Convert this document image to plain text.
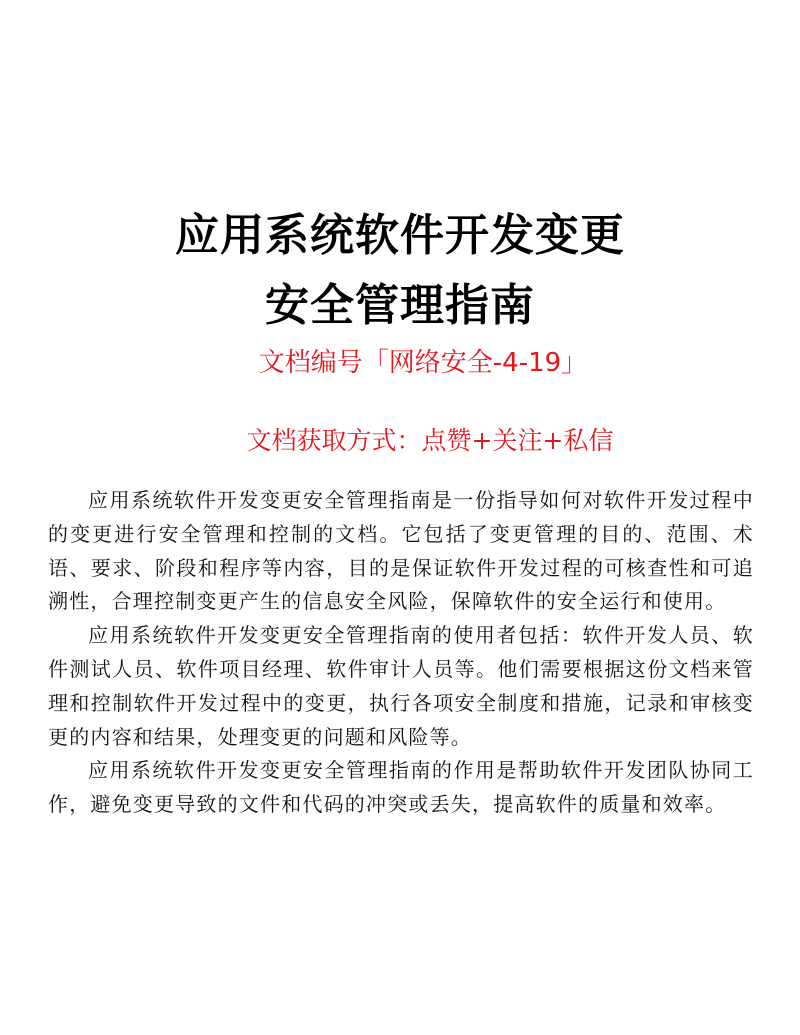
应用系统软件开发变更
安全管理指南
文档编号「网络安全-4-19」
文档获取方式：点赞+关注+私信

应用系统软件开发变更安全管理指南是一份指导如何对软件开发过程中的变更进行安全管理和控制的文档。它包括了变更管理的目的、范围、术语、要求、阶段和程序等内容，目的是保证软件开发过程的可核查性和可追溯性，合理控制变更产生的信息安全风险，保障软件的安全运行和使用。

应用系统软件开发变更安全管理指南的使用者包括：软件开发人员、软件测试人员、软件项目经理、软件审计人员等。他们需要根据这份文档来管理和控制软件开发过程中的变更，执行各项安全制度和措施，记录和审核变更的内容和结果，处理变更的问题和风险等。

应用系统软件开发变更安全管理指南的作用是帮助软件开发团队协同工作，避免变更导致的文件和代码的冲突或丢失，提高软件的质量和效率。
